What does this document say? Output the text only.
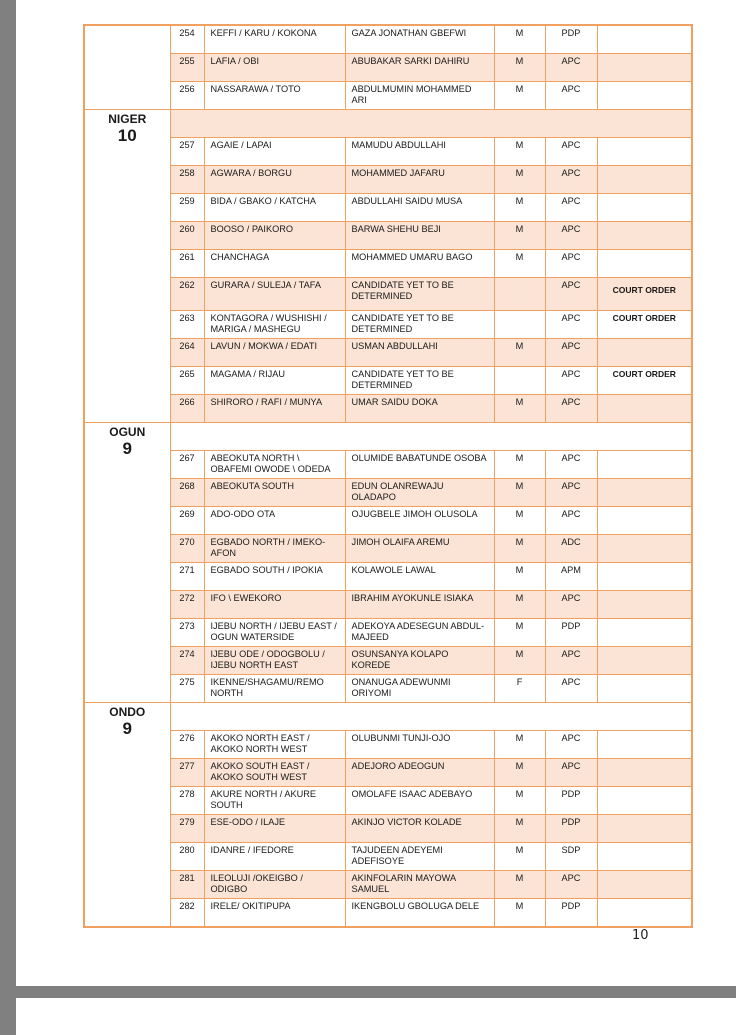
	254	KEFFI / KARU / KOKONA	GAZA JONATHAN GBEFWI	M	PDP	
	255	LAFIA / OBI	ABUBAKAR SARKI DAHIRU	M	APC	
	256	NASSARAWA / TOTO	ABDULMUMIN MOHAMMED ARI	M	APC	

NIGER
10						

	257	AGAIE / LAPAI	MAMUDU ABDULLAHI	M	APC	
	258	AGWARA / BORGU	MOHAMMED JAFARU	M	APC	
	259	BIDA / GBAKO / KATCHA	ABDULLAHI SAIDU MUSA	M	APC	
	260	BOOSO / PAIKORO	BARWA SHEHU BEJI	M	APC	
	261	CHANCHAGA	MOHAMMED UMARU BAGO	M	APC	
	262	GURARA / SULEJA / TAFA	CANDIDATE YET TO BE DETERMINED		APC	COURT ORDER
	263	KONTAGORA / WUSHISHI / MARIGA / MASHEGU	CANDIDATE YET TO BE DETERMINED		APC	COURT ORDER
	264	LAVUN / MOKWA / EDATI	USMAN ABDULLAHI	M	APC	
	265	MAGAMA / RIJAU	CANDIDATE YET TO BE DETERMINED		APC	COURT ORDER
	266	SHIRORO / RAFI / MUNYA	UMAR SAIDU DOKA	M	APC	

OGUN
9						

	267	ABEOKUTA NORTH \ OBAFEMI OWODE \ ODEDA	OLUMIDE BABATUNDE OSOBA	M	APC	
	268	ABEOKUTA SOUTH	EDUN OLANREWAJU OLADAPO	M	APC	
	269	ADO-ODO OTA	OJUGBELE JIMOH OLUSOLA	M	APC	
	270	EGBADO NORTH / IMEKO-AFON	JIMOH OLAIFA AREMU	M	ADC	
	271	EGBADO SOUTH / IPOKIA	KOLAWOLE LAWAL	M	APM	
	272	IFO \ EWEKORO	IBRAHIM AYOKUNLE ISIAKA	M	APC	
	273	IJEBU NORTH / IJEBU EAST / OGUN WATERSIDE	ADEKOYA ADESEGUN ABDUL-MAJEED	M	PDP	
	274	IJEBU ODE / ODOGBOLU / IJEBU NORTH EAST	OSUNSANYA KOLAPO KOREDE	M	APC	
	275	IKENNE/SHAGAMU/REMO NORTH	ONANUGA ADEWUNMI ORIYOMI	F	APC	

ONDO
9						

	276	AKOKO NORTH EAST / AKOKO NORTH WEST	OLUBUNMI TUNJI-OJO	M	APC	
	277	AKOKO SOUTH EAST / AKOKO SOUTH WEST	ADEJORO ADEOGUN	M	APC	
	278	AKURE NORTH / AKURE SOUTH	OMOLAFE ISAAC ADEBAYO	M	PDP	
	279	ESE-ODO / ILAJE	AKINJO VICTOR KOLADE	M	PDP	
	280	IDANRE / IFEDORE	TAJUDEEN ADEYEMI ADEFISOYE	M	SDP	
	281	ILEOLUJI /OKEIGBO / ODIGBO	AKINFOLARIN MAYOWA SAMUEL	M	APC	
	282	IRELE/ OKITIPUPA	IKENGBOLU GBOLUGA DELE	M	PDP	
10
